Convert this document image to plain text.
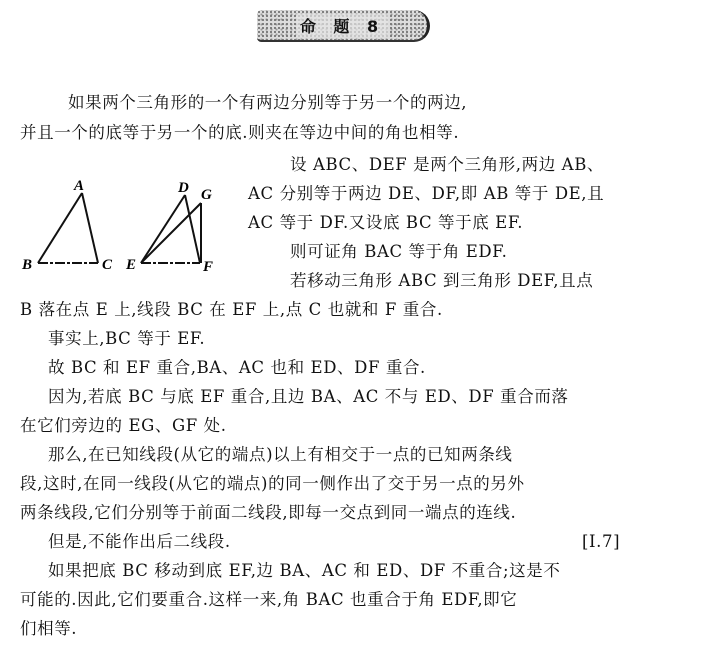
命 题 8
如果两个三角形的一个有两边分别等于另一个的两边,
并且一个的底等于另一个的底.则夹在等边中间的角也相等.
A
B	C
D G
E	F
设 ABC、DEF 是两个三角形,两边 AB、
AC 分别等于两边 DE、DF,即 AB 等于 DE,且
AC 等于 DF.又设底 BC 等于底 EF.
则可证角 BAC 等于角 EDF.
若移动三角形 ABC 到三角形 DEF,且点
B 落在点 E 上,线段 BC 在 EF 上,点 C 也就和 F 重合.
事实上,BC 等于 EF.
故 BC 和 EF 重合,BA、AC 也和 ED、DF 重合.
因为,若底 BC 与底 EF 重合,且边 BA、AC 不与 ED、DF 重合而落
在它们旁边的 EG、GF 处.
那么,在已知线段(从它的端点)以上有相交于一点的已知两条线
段,这时,在同一线段(从它的端点)的同一侧作出了交于另一点的另外
两条线段,它们分别等于前面二线段,即每一交点到同一端点的连线.
但是,不能作出后二线段.	[I.7]
如果把底 BC 移动到底 EF,边 BA、AC 和 ED、DF 不重合;这是不
可能的.因此,它们要重合.这样一来,角 BAC 也重合于角 EDF,即它
们相等.
